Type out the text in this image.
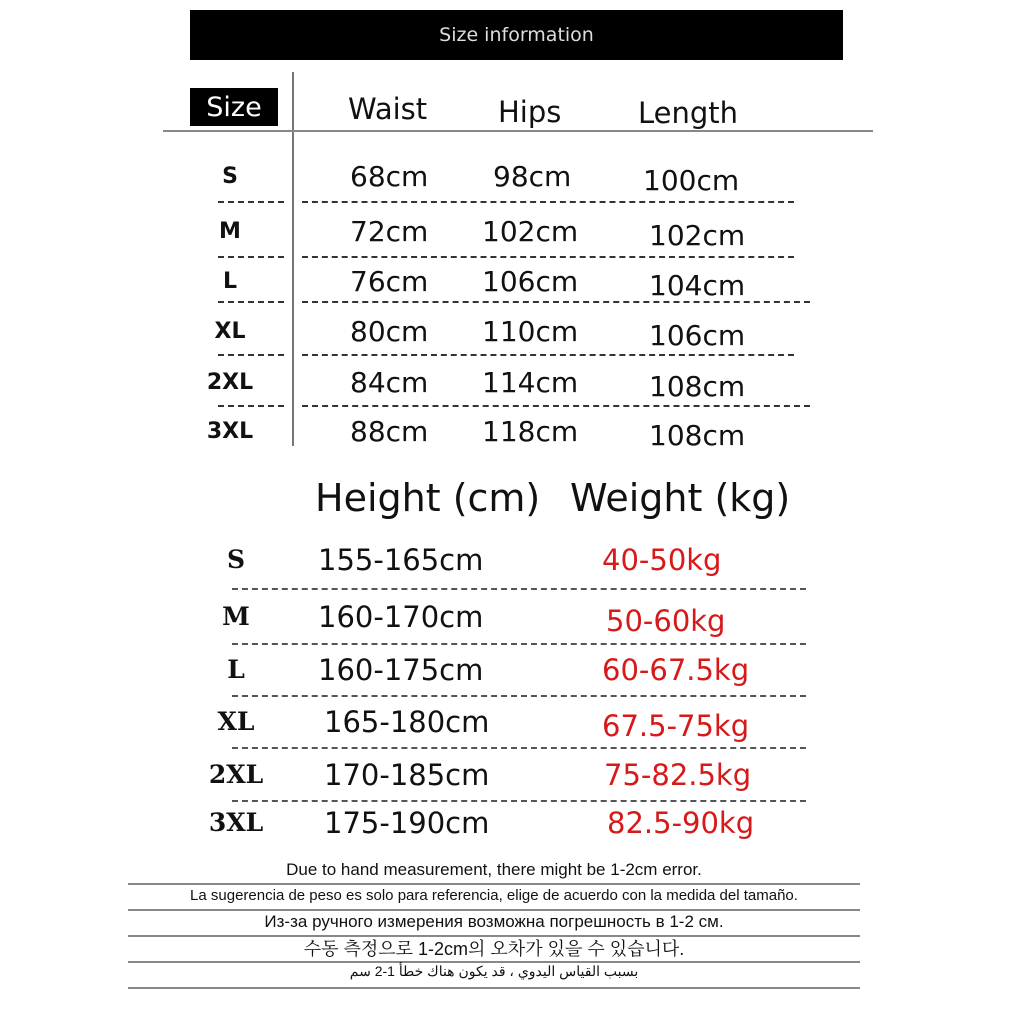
Size information
Size	Waist Hips	Length
S	68cm 98cm	100cm
M	72cm 102cm	102cm
L	76cm 106cm	104cm
XL	80cm 110cm	106cm
2XL	84cm 114cm	108cm
3XL	88cm 118cm	108cm
Height (cm) Weight (kg)
S	155-165cm	40-50kg
M 160-170cm	50-60kg
L	160-175cm	60-67.5kg
XL 165-180cm	67.5-75kg
2XL 170-185cm	75-82.5kg
3XL 175-190cm	82.5-90kg
Due to hand measurement, there might be 1-2cm error.
La sugerencia de peso es solo para referencia, elige de acuerdo con la medida del tamaño.
Из-за ручного измерения возможна погрешность в 1-2 см.
수동 측정으로 1-2cm의 오차가 있을 수 있습니다.
بسبب القياس اليدوي ، قد يكون هناك خطأ 1-2 سم
